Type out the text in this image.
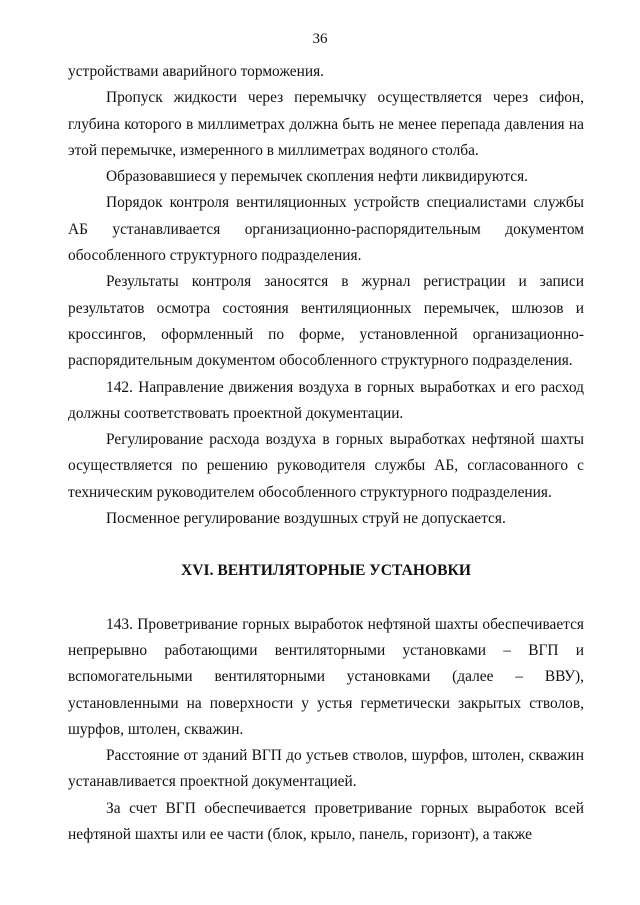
36

устройствами аварийного торможения.

Пропуск жидкости через перемычку осуществляется через сифон, глубина которого в миллиметрах должна быть не менее перепада давления на этой перемычке, измеренного в миллиметрах водяного столба.

Образовавшиеся у перемычек скопления нефти ликвидируются.

Порядок контроля вентиляционных устройств специалистами службы АБ устанавливается организационно-распорядительным документом обособленного структурного подразделения.

Результаты контроля заносятся в журнал регистрации и записи результатов осмотра состояния вентиляционных перемычек, шлюзов и кроссингов, оформленный по форме, установленной организационно-распорядительным документом обособленного структурного подразделения.

142. Направление движения воздуха в горных выработках и его расход должны соответствовать проектной документации.

Регулирование расхода воздуха в горных выработках нефтяной шахты осуществляется по решению руководителя службы АБ, согласованного с техническим руководителем обособленного структурного подразделения.

Посменное регулирование воздушных струй не допускается.

XVI. ВЕНТИЛЯТОРНЫЕ УСТАНОВКИ

143. Проветривание горных выработок нефтяной шахты обеспечивается непрерывно работающими вентиляторными установками – ВГП и вспомогательными вентиляторными установками (далее – ВВУ), установленными на поверхности у устья герметически закрытых стволов, шурфов, штолен, скважин.

Расстояние от зданий ВГП до устьев стволов, шурфов, штолен, скважин устанавливается проектной документацией.

За счет ВГП обеспечивается проветривание горных выработок всей нефтяной шахты или ее части (блок, крыло, панель, горизонт), а также
